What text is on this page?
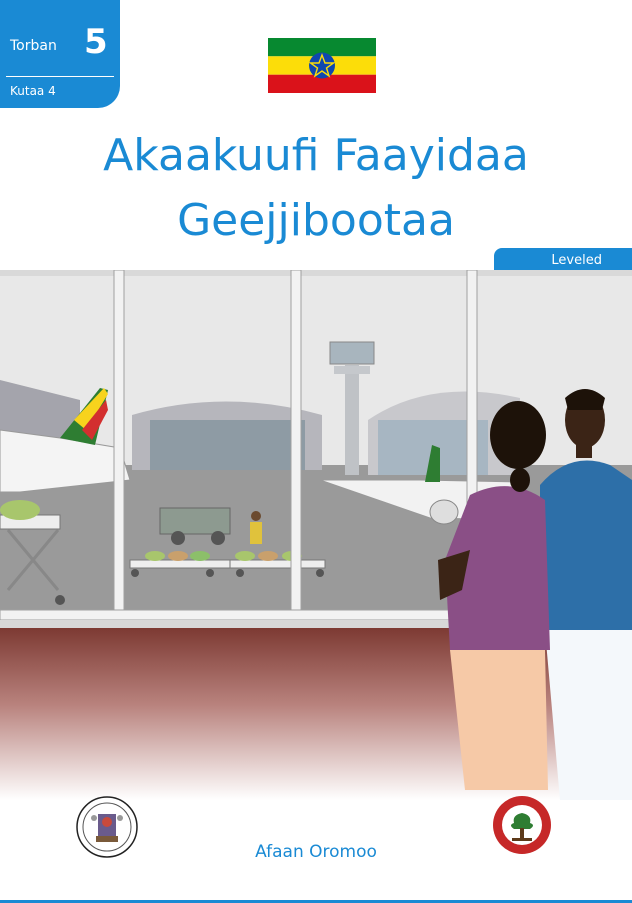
Torban 5
Kutaa 4
Akaakuufi Faayidaa
Geejjibootaa
Leveled
Afaan Oromoo
